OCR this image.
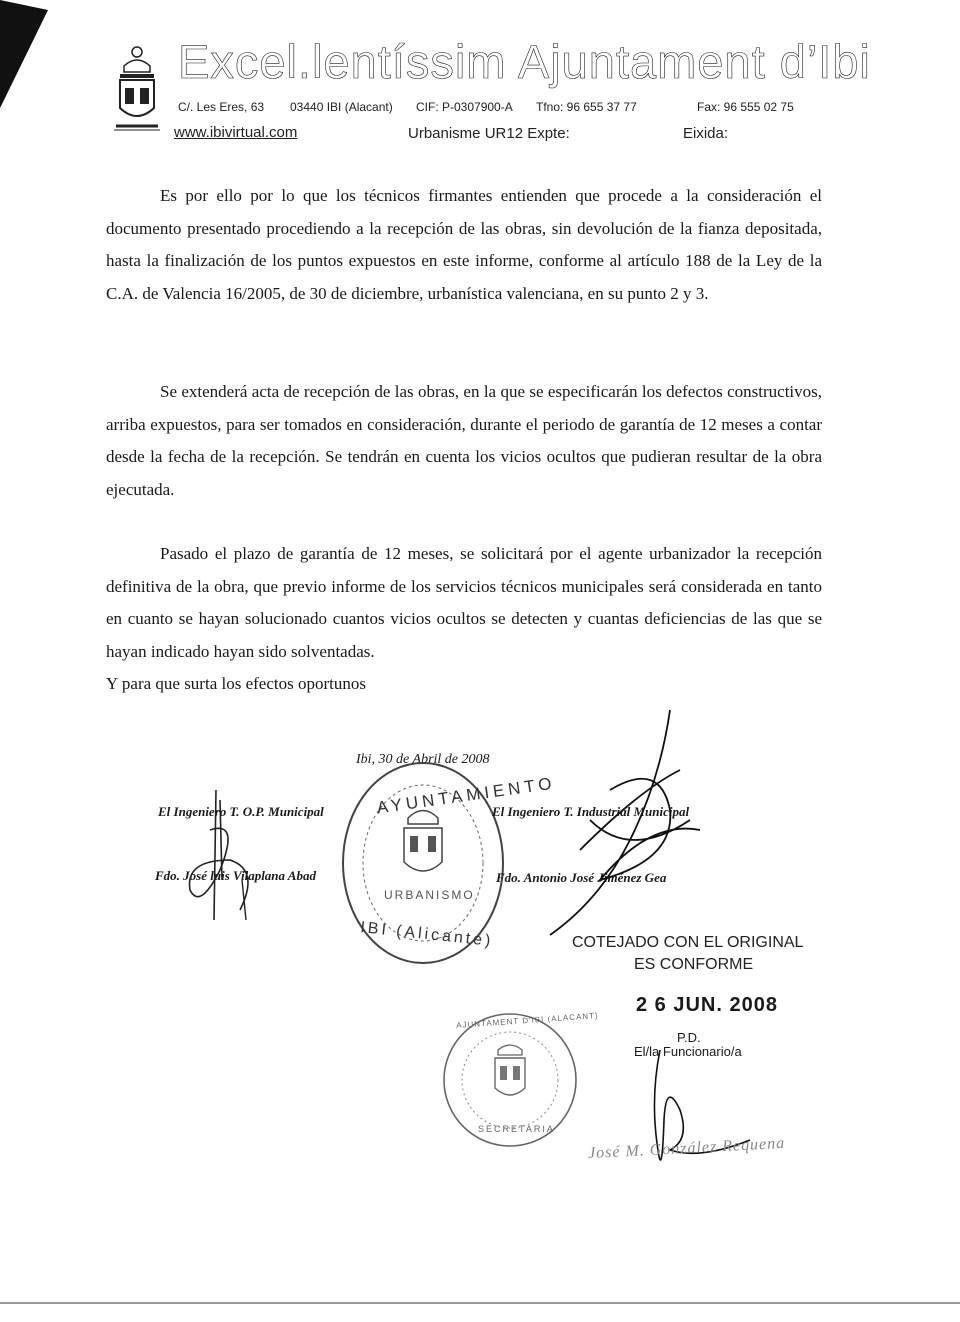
Excel.lentíssim Ajuntament d’Ibi
C/. Les Eres, 63 03440 IBI (Alacant) CIF: P-0307900-A Tfno: 96 655 37 77	Fax: 96 555 02 75
www.ibivirtual.com	Urbanisme UR12 Expte:	Eixida:

Es por ello por lo que los técnicos firmantes entienden que procede a la consideración el documento presentado procediendo a la recepción de las obras, sin devolución de la fianza depositada, hasta la finalización de los puntos expuestos en este informe, conforme al artículo 188 de la Ley de la C.A. de Valencia 16/2005, de 30 de diciembre, urbanística valenciana, en su punto 2 y 3.

Se extenderá acta de recepción de las obras, en la que se especificarán los defectos constructivos, arriba expuestos, para ser tomados en consideración, durante el periodo de garantía de 12 meses a contar desde la fecha de la recepción. Se tendrán en cuenta los vicios ocultos que pudieran resultar de la obra ejecutada.

Pasado el plazo de garantía de 12 meses, se solicitará por el agente urbanizador la recepción definitiva de la obra, que previo informe de los servicios técnicos municipales será considerada en tanto en cuanto se hayan solucionado cuantos vicios ocultos se detecten y cuantas deficiencias de las que se hayan indicado hayan sido solventadas.

Y para que surta los efectos oportunos

Ibi, 30 de Abril de 2008
AYUNTAMIENTO
URBANISMO
IBI (Alicante)
El Ingeniero T. O.P. Municipal
Fdo. José luis Vilaplana Abad
El Ingeniero T. Industrial Municipal
Fdo. Antonio José Jiménez Gea
COTEJADO CON EL ORIGINAL
ES CONFORME
2 6 JUN. 2008
P.D.
El/la Funcionario/a
AJUNTAMENT D'IBI (ALACANT)
SECRETARIA
José M. González Requena
